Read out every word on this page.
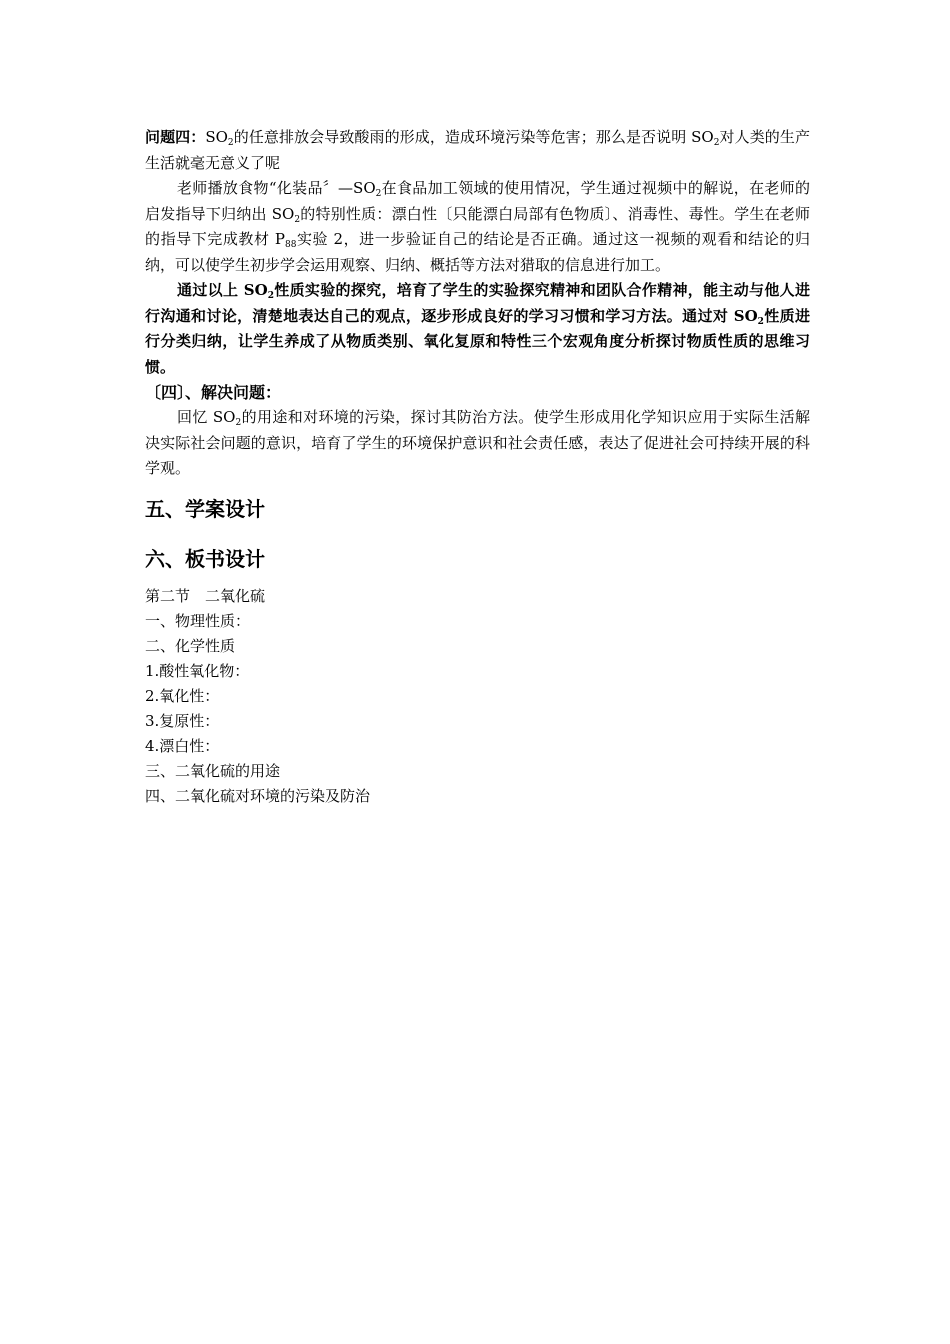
问题四：$SO_2$的任意排放会导致酸雨的形成，造成环境污染等危害；那么是否说明 $SO_2$对人类的生产生活就毫无意义了呢

老师播放食物“化装品〞$—SO_2$在食品加工领域的使用情况，学生通过视频中的解说，在老师的启发指导下归纳出 $SO_2$的特别性质：漂白性〔只能漂白局部有色物质〕、消毒性、毒性。学生在老师的指导下完成教材 $P_{88}$实验 2，进一步验证自己的结论是否正确。通过这一视频的观看和结论的归纳，可以使学生初步学会运用观察、归纳、概括等方法对猎取的信息进行加工。

通过以上 $SO_2$性质实验的探究，培育了学生的实验探究精神和团队合作精神，能主动与他人进行沟通和讨论，清楚地表达自己的观点，逐步形成良好的学习习惯和学习方法。通过对 $SO_2$性质进行分类归纳，让学生养成了从物质类别、氧化复原和特性三个宏观角度分析探讨物质性质的思维习惯。

〔四〕、解决问题：

回忆 $SO_2$的用途和对环境的污染，探讨其防治方法。使学生形成用化学知识应用于实际生活解决实际社会问题的意识，培育了学生的环境保护意识和社会责任感，表达了促进社会可持续开展的科学观。

五、学案设计

六、板书设计

第二节　二氧化硫

一、物理性质：

二、化学性质

1.酸性氧化物：

2.氧化性：

3.复原性：

4.漂白性：

三、二氧化硫的用途

四、二氧化硫对环境的污染及防治
